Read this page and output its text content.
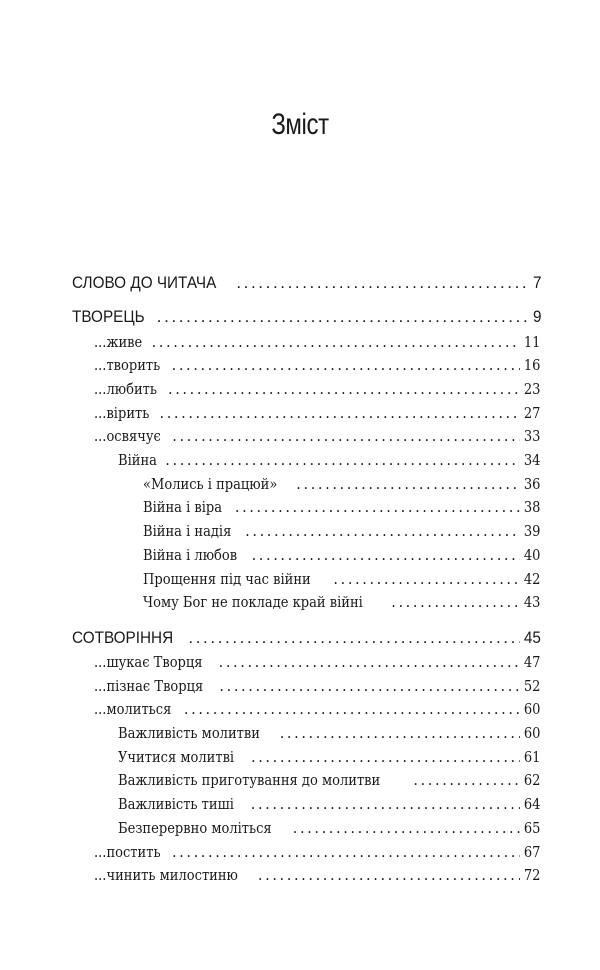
Зміст
СЛОВО ДО ЧИТАЧА .....	7
ТВОРЕЦЬ .....	9
...живе .....	11
...творить .....	16
...любить .....	23
...вірить .....	27
...освячує .....	33
Війна .....	34
«Молись і працюй» .....	36
Війна і віра .....	38
Війна і надія .....	39
Війна і любов .....	40
Прощення під час війни .....	42
Чому Бог не покладе край війні .....	43
СОТВОРІННЯ .....	45
...шукає Творця .....	47
...пізнає Творця .....	52
...молиться .....	60
Важливість молитви .....	60
Учитися молитві .....	61
Важливість приготування до молитви .....	62
Важливість тиші .....	64
Безперервно моліться .....	65
...постить .....	67
...чинить милостиню .....	72
